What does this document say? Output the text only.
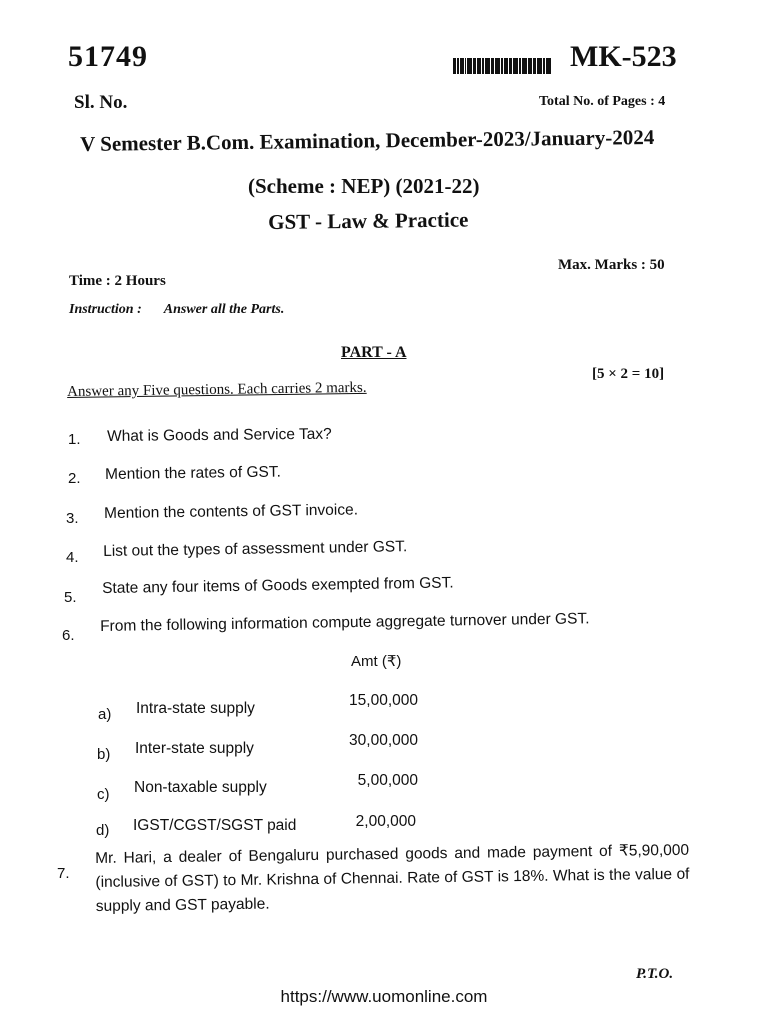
51749	MK-523
Sl. No.	Total No. of Pages : 4
V Semester B.Com. Examination, December-2023/January-2024
(Scheme : NEP) (2021-22)
GST - Law & Practice
Max. Marks : 50
Time : 2 Hours
Instruction : Answer all the Parts.
PART - A
[5 × 2 = 10]
Answer any Five questions. Each carries 2 marks.
1. What is Goods and Service Tax?
2. Mention the rates of GST.
3. Mention the contents of GST invoice.
4. List out the types of assessment under GST.
5.
State any four items of Goods exempted from GST.
6.
From the following information compute aggregate turnover under GST.
Amt (₹)
a) Intra-state supply	15,00,000
b) Inter-state supply	30,00,000
c) Non-taxable supply	5,00,000
d) IGST/CGST/SGST paid	2,00,000
7.
Mr. Hari, a dealer of Bengaluru purchased goods and made payment of ₹5,90,000 (inclusive of GST) to Mr. Krishna of Chennai. Rate of GST is 18%. What is the value of supply and GST payable.
P.T.O.
https://www.uomonline.com
